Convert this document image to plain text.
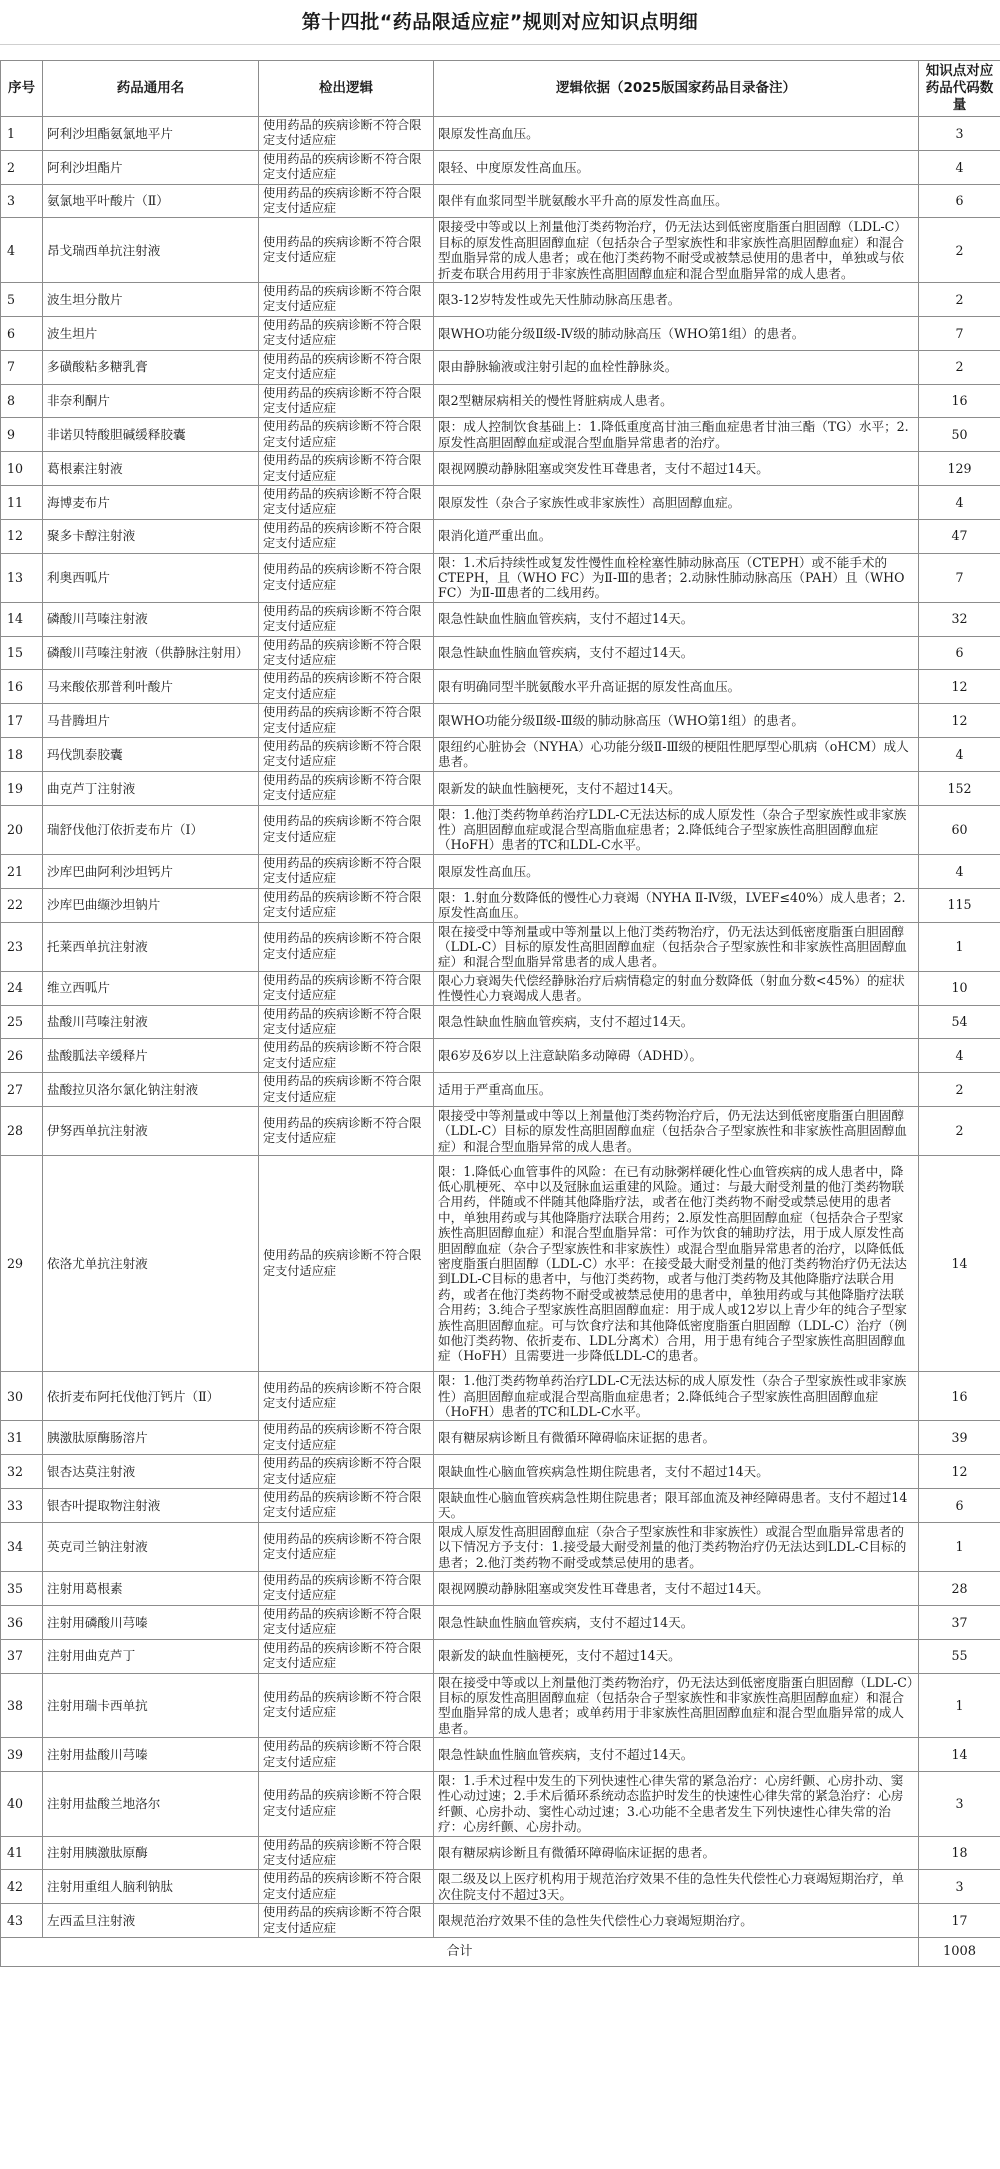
第十四批“药品限适应症”规则对应知识点明细
序号	药品通用名	检出逻辑	逻辑依据（2025版国家药品目录备注）	知识点对应药品代码数量
1	阿利沙坦酯氨氯地平片	使用药品的疾病诊断不符合限定支付适应症	限原发性高血压。	3
2	阿利沙坦酯片	使用药品的疾病诊断不符合限定支付适应症	限轻、中度原发性高血压。	4
3	氨氯地平叶酸片（Ⅱ）	使用药品的疾病诊断不符合限定支付适应症	限伴有血浆同型半胱氨酸水平升高的原发性高血压。	6
4	昂戈瑞西单抗注射液	使用药品的疾病诊断不符合限定支付适应症	限接受中等或以上剂量他汀类药物治疗，仍无法达到低密度脂蛋白胆固醇（LDL-C）目标的原发性高胆固醇血症（包括杂合子型家族性和非家族性高胆固醇血症）和混合型血脂异常的成人患者；或在他汀类药物不耐受或被禁忌使用的患者中，单独或与依折麦布联合用药用于非家族性高胆固醇血症和混合型血脂异常的成人患者。	2
5	波生坦分散片	使用药品的疾病诊断不符合限定支付适应症	限3-12岁特发性或先天性肺动脉高压患者。	2
6	波生坦片	使用药品的疾病诊断不符合限定支付适应症	限WHO功能分级Ⅱ级-Ⅳ级的肺动脉高压（WHO第1组）的患者。	7
7	多磺酸粘多糖乳膏	使用药品的疾病诊断不符合限定支付适应症	限由静脉输液或注射引起的血栓性静脉炎。	2
8	非奈利酮片	使用药品的疾病诊断不符合限定支付适应症	限2型糖尿病相关的慢性肾脏病成人患者。	16
9	非诺贝特酸胆碱缓释胶囊	使用药品的疾病诊断不符合限定支付适应症	限：成人控制饮食基础上：1.降低重度高甘油三酯血症患者甘油三酯（TG）水平；2.原发性高胆固醇血症或混合型血脂异常患者的治疗。	50
10	葛根素注射液	使用药品的疾病诊断不符合限定支付适应症	限视网膜动静脉阻塞或突发性耳聋患者，支付不超过14天。	129
11	海博麦布片	使用药品的疾病诊断不符合限定支付适应症	限原发性（杂合子家族性或非家族性）高胆固醇血症。	4
12	聚多卡醇注射液	使用药品的疾病诊断不符合限定支付适应症	限消化道严重出血。	47
13	利奥西呱片	使用药品的疾病诊断不符合限定支付适应症	限：1.术后持续性或复发性慢性血栓栓塞性肺动脉高压（CTEPH）或不能手术的CTEPH，且（WHO FC）为Ⅱ-Ⅲ的患者；2.动脉性肺动脉高压（PAH）且（WHO FC）为Ⅱ-Ⅲ患者的二线用药。	7
14	磷酸川芎嗪注射液	使用药品的疾病诊断不符合限定支付适应症	限急性缺血性脑血管疾病，支付不超过14天。	32
15	磷酸川芎嗪注射液（供静脉注射用）	使用药品的疾病诊断不符合限定支付适应症	限急性缺血性脑血管疾病，支付不超过14天。	6
16	马来酸依那普利叶酸片	使用药品的疾病诊断不符合限定支付适应症	限有明确同型半胱氨酸水平升高证据的原发性高血压。	12
17	马昔腾坦片	使用药品的疾病诊断不符合限定支付适应症	限WHO功能分级Ⅱ级-Ⅲ级的肺动脉高压（WHO第1组）的患者。	12
18	玛伐凯泰胶囊	使用药品的疾病诊断不符合限定支付适应症	限纽约心脏协会（NYHA）心功能分级Ⅱ-Ⅲ级的梗阻性肥厚型心肌病（oHCM）成人患者。	4
19	曲克芦丁注射液	使用药品的疾病诊断不符合限定支付适应症	限新发的缺血性脑梗死，支付不超过14天。	152
20	瑞舒伐他汀依折麦布片（Ⅰ）	使用药品的疾病诊断不符合限定支付适应症	限：1.他汀类药物单药治疗LDL-C无法达标的成人原发性（杂合子型家族性或非家族性）高胆固醇血症或混合型高脂血症患者；2.降低纯合子型家族性高胆固醇血症（HoFH）患者的TC和LDL-C水平。	60
21	沙库巴曲阿利沙坦钙片	使用药品的疾病诊断不符合限定支付适应症	限原发性高血压。	4
22	沙库巴曲缬沙坦钠片	使用药品的疾病诊断不符合限定支付适应症	限：1.射血分数降低的慢性心力衰竭（NYHA Ⅱ-Ⅳ级，LVEF≤40%）成人患者；2.原发性高血压。	115
23	托莱西单抗注射液	使用药品的疾病诊断不符合限定支付适应症	限在接受中等剂量或中等剂量以上他汀类药物治疗，仍无法达到低密度脂蛋白胆固醇（LDL-C）目标的原发性高胆固醇血症（包括杂合子型家族性和非家族性高胆固醇血症）和混合型血脂异常患者的成人患者。	1
24	维立西呱片	使用药品的疾病诊断不符合限定支付适应症	限心力衰竭失代偿经静脉治疗后病情稳定的射血分数降低（射血分数<45%）的症状性慢性心力衰竭成人患者。	10
25	盐酸川芎嗪注射液	使用药品的疾病诊断不符合限定支付适应症	限急性缺血性脑血管疾病，支付不超过14天。	54
26	盐酸胍法辛缓释片	使用药品的疾病诊断不符合限定支付适应症	限6岁及6岁以上注意缺陷多动障碍（ADHD）。	4
27	盐酸拉贝洛尔氯化钠注射液	使用药品的疾病诊断不符合限定支付适应症	适用于严重高血压。	2
28	伊努西单抗注射液	使用药品的疾病诊断不符合限定支付适应症	限接受中等剂量或中等以上剂量他汀类药物治疗后，仍无法达到低密度脂蛋白胆固醇（LDL-C）目标的原发性高胆固醇血症（包括杂合子型家族性和非家族性高胆固醇血症）和混合型血脂异常的成人患者。	2
29	依洛尤单抗注射液	使用药品的疾病诊断不符合限定支付适应症	限：1.降低心血管事件的风险：在已有动脉粥样硬化性心血管疾病的成人患者中，降低心肌梗死、卒中以及冠脉血运重建的风险。通过：与最大耐受剂量的他汀类药物联合用药，伴随或不伴随其他降脂疗法，或者在他汀类药物不耐受或禁忌使用的患者中，单独用药或与其他降脂疗法联合用药；2.原发性高胆固醇血症（包括杂合子型家族性高胆固醇血症）和混合型血脂异常：可作为饮食的辅助疗法，用于成人原发性高胆固醇血症（杂合子型家族性和非家族性）或混合型血脂异常患者的治疗，以降低低密度脂蛋白胆固醇（LDL-C）水平：在接受最大耐受剂量的他汀类药物治疗仍无法达到LDL-C目标的患者中，与他汀类药物，或者与他汀类药物及其他降脂疗法联合用药，或者在他汀类药物不耐受或被禁忌使用的患者中，单独用药或与其他降脂疗法联合用药；3.纯合子型家族性高胆固醇血症：用于成人或12岁以上青少年的纯合子型家族性高胆固醇血症。可与饮食疗法和其他降低密度脂蛋白胆固醇（LDL-C）治疗（例如他汀类药物、依折麦布、LDL分离术）合用，用于患有纯合子型家族性高胆固醇血症（HoFH）且需要进一步降低LDL-C的患者。	14
30	依折麦布阿托伐他汀钙片（Ⅱ）	使用药品的疾病诊断不符合限定支付适应症	限：1.他汀类药物单药治疗LDL-C无法达标的成人原发性（杂合子型家族性或非家族性）高胆固醇血症或混合型高脂血症患者；2.降低纯合子型家族性高胆固醇血症（HoFH）患者的TC和LDL-C水平。	16
31	胰激肽原酶肠溶片	使用药品的疾病诊断不符合限定支付适应症	限有糖尿病诊断且有微循环障碍临床证据的患者。	39
32	银杏达莫注射液	使用药品的疾病诊断不符合限定支付适应症	限缺血性心脑血管疾病急性期住院患者，支付不超过14天。	12
33	银杏叶提取物注射液	使用药品的疾病诊断不符合限定支付适应症	限缺血性心脑血管疾病急性期住院患者；限耳部血流及神经障碍患者。支付不超过14天。	6
34	英克司兰钠注射液	使用药品的疾病诊断不符合限定支付适应症	限成人原发性高胆固醇血症（杂合子型家族性和非家族性）或混合型血脂异常患者的以下情况方予支付：1.接受最大耐受剂量的他汀类药物治疗仍无法达到LDL-C目标的患者；2.他汀类药物不耐受或禁忌使用的患者。	1
35	注射用葛根素	使用药品的疾病诊断不符合限定支付适应症	限视网膜动静脉阻塞或突发性耳聋患者，支付不超过14天。	28
36	注射用磷酸川芎嗪	使用药品的疾病诊断不符合限定支付适应症	限急性缺血性脑血管疾病，支付不超过14天。	37
37	注射用曲克芦丁	使用药品的疾病诊断不符合限定支付适应症	限新发的缺血性脑梗死，支付不超过14天。	55
38	注射用瑞卡西单抗	使用药品的疾病诊断不符合限定支付适应症	限在接受中等或以上剂量他汀类药物治疗，仍无法达到低密度脂蛋白胆固醇（LDL-C）目标的原发性高胆固醇血症（包括杂合子型家族性和非家族性高胆固醇血症）和混合型血脂异常的成人患者；或单药用于非家族性高胆固醇血症和混合型血脂异常的成人患者。	1
39	注射用盐酸川芎嗪	使用药品的疾病诊断不符合限定支付适应症	限急性缺血性脑血管疾病，支付不超过14天。	14
40	注射用盐酸兰地洛尔	使用药品的疾病诊断不符合限定支付适应症	限：1.手术过程中发生的下列快速性心律失常的紧急治疗：心房纤颤、心房扑动、窦性心动过速；2.手术后循环系统动态监护时发生的快速性心律失常的紧急治疗：心房纤颤、心房扑动、窦性心动过速；3.心功能不全患者发生下列快速性心律失常的治疗：心房纤颤、心房扑动。	3
41	注射用胰激肽原酶	使用药品的疾病诊断不符合限定支付适应症	限有糖尿病诊断且有微循环障碍临床证据的患者。	18
42	注射用重组人脑利钠肽	使用药品的疾病诊断不符合限定支付适应症	限二级及以上医疗机构用于规范治疗效果不佳的急性失代偿性心力衰竭短期治疗，单次住院支付不超过3天。	3
43	左西孟旦注射液	使用药品的疾病诊断不符合限定支付适应症	限规范治疗效果不佳的急性失代偿性心力衰竭短期治疗。	17
合计				1008
